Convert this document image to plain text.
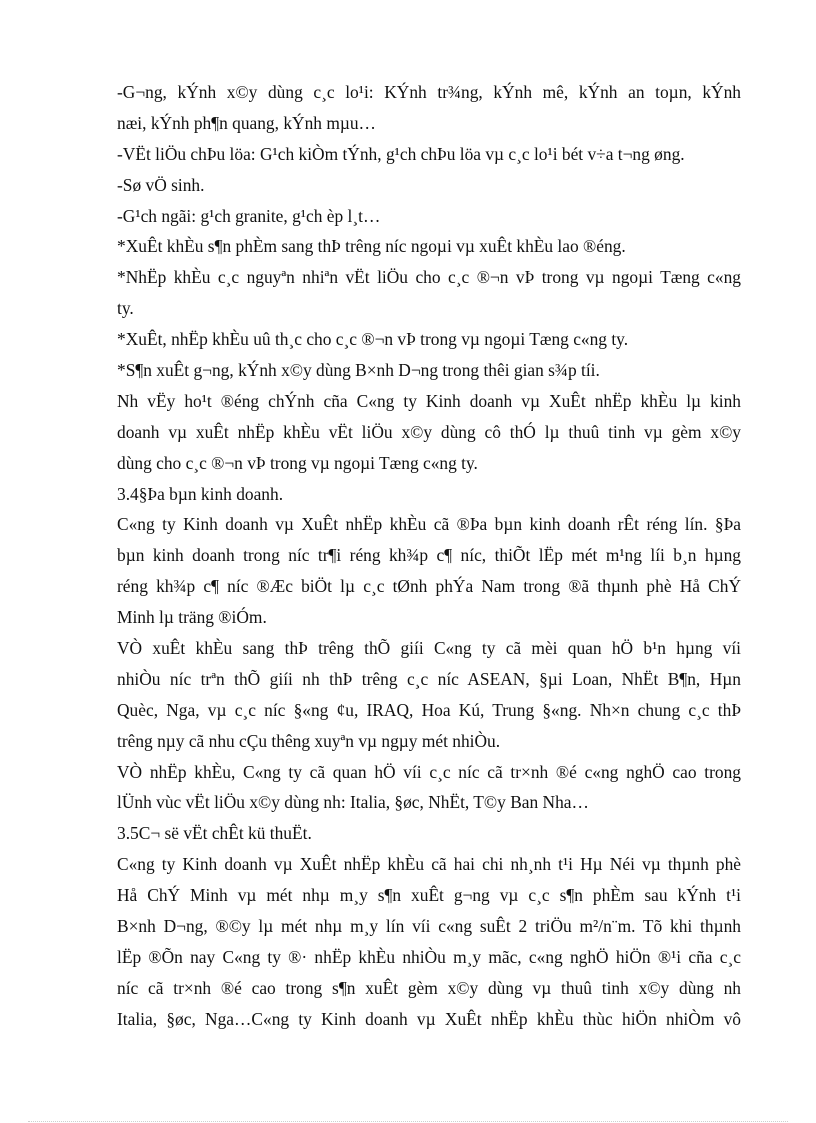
-G¬ng, kÝnh x©y dùng c¸c lo¹i: KÝnh tr¾ng, kÝnh mê, kÝnh an toµn, kÝnh
næi, kÝnh ph¶n quang, kÝnh mµu…
-VËt liÖu chÞu löa: G¹ch kiÒm tÝnh, g¹ch chÞu löa vµ c¸c lo¹i bét v÷a t¬ng øng.
-Sø vÖ sinh.
-G¹ch ngãi: g¹ch granite, g¹ch èp l¸t…
*XuÊt khÈu s¶n phÈm sang thÞ trêng níc ngoµi vµ xuÊt khÈu lao ®éng.
*NhËp khÈu c¸c nguyªn nhiªn vËt liÖu cho c¸c ®¬n vÞ trong vµ ngoµi Tæng c«ng
ty.
*XuÊt, nhËp khÈu uû th¸c cho c¸c ®¬n vÞ trong vµ ngoµi Tæng c«ng ty.
*S¶n xuÊt g¬ng, kÝnh x©y dùng B×nh D¬ng trong thêi gian s¾p tíi.
Nh vËy ho¹t ®éng chÝnh cña C«ng ty Kinh doanh vµ XuÊt nhËp khÈu lµ kinh
doanh vµ xuÊt nhËp khÈu vËt liÖu x©y dùng cô thÓ lµ thuû tinh vµ gèm x©y
dùng cho c¸c ®¬n vÞ trong vµ ngoµi Tæng c«ng ty.
3.4§Þa bµn kinh doanh.
C«ng ty Kinh doanh vµ XuÊt nhËp khÈu cã ®Þa bµn kinh doanh rÊt réng lín. §Þa
bµn kinh doanh trong níc tr¶i réng kh¾p c¶ níc, thiÕt lËp mét m¹ng líi b¸n hµng
réng kh¾p c¶ níc ®Æc biÖt lµ c¸c tØnh phÝa Nam trong ®ã thµnh phè Hå ChÝ
Minh lµ träng ®iÓm.
VÒ xuÊt khÈu sang thÞ trêng thÕ giíi C«ng ty cã mèi quan hÖ b¹n hµng víi
nhiÒu níc trªn thÕ giíi nh thÞ trêng c¸c níc ASEAN, §µi Loan, NhËt B¶n, Hµn
Quèc, Nga, vµ c¸c níc §«ng ¢u, IRAQ, Hoa Kú, Trung §«ng. Nh×n chung c¸c thÞ
trêng nµy cã nhu cÇu thêng xuyªn vµ ngµy mét nhiÒu.
VÒ nhËp khÈu, C«ng ty cã quan hÖ víi c¸c níc cã tr×nh ®é c«ng nghÖ cao trong
lÜnh vùc vËt liÖu x©y dùng nh: Italia, §øc, NhËt, T©y Ban Nha…
3.5C¬ së vËt chÊt kü thuËt.
C«ng ty Kinh doanh vµ XuÊt nhËp khÈu cã hai chi nh¸nh t¹i Hµ Néi vµ thµnh phè
Hå ChÝ Minh vµ mét nhµ m¸y s¶n xuÊt g¬ng vµ c¸c s¶n phÈm sau kÝnh t¹i
B×nh D¬ng, ®©y lµ mét nhµ m¸y lín víi c«ng suÊt 2 triÖu m²/n¨m. Tõ khi thµnh
lËp ®Õn nay C«ng ty ®· nhËp khÈu nhiÒu m¸y mãc, c«ng nghÖ hiÖn ®¹i cña c¸c
níc cã tr×nh ®é cao trong s¶n xuÊt gèm x©y dùng vµ thuû tinh x©y dùng nh
Italia, §øc, Nga…C«ng ty Kinh doanh vµ XuÊt nhËp khÈu thùc hiÖn nhiÒm vô
